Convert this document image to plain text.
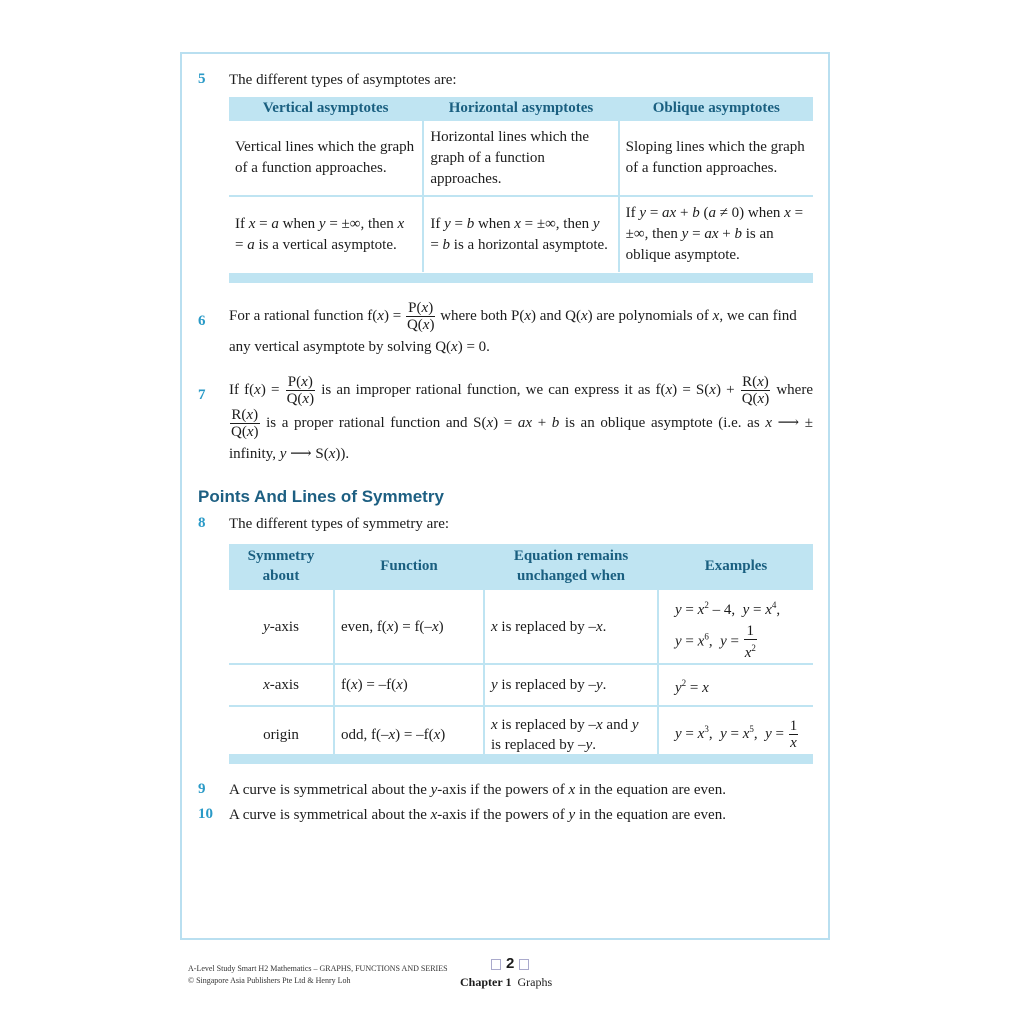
5 The different types of asymptotes are:
Vertical asymptotes	Horizontal asymptotes	Oblique asymptotes
Vertical lines which the graph of a function approaches.	Horizontal lines which the graph of a function approaches.	Sloping lines which the graph of a function approaches.
If x = a when y = ±∞, then x = a is a vertical asymptote.	If y = b when x = ±∞, then y = b is a horizontal asymptote.	If y = ax + b (a ≠ 0) when x = ±∞, then y = ax + b is an oblique asymptote.
6 For a rational function $f(x) = \frac{P(x)}{Q(x)}$ where both P(x) and Q(x) are polynomials of x, we can find any vertical asymptote by solving Q(x) = 0.
7 If $f(x) = \frac{P(x)}{Q(x)}$ is an improper rational function, we can express it as $f(x) = S(x) + \frac{R(x)}{Q(x)}$ where
$\frac{R(x)}{Q(x)}$ is a proper rational function and S(x) = ax + b is an oblique asymptote (i.e. as x ⟶ ± infinity, y ⟶ S(x)).
Points And Lines of Symmetry
8 The different types of symmetry are:
Symmetry about	Function	Equation remains unchanged when	Examples
y-axis	even, f(x) = f(–x)	x is replaced by –x.	$y = x^2 - 4$,  $y = x^4$,
$y = x^6$,  $y = \frac{1}{x^2}$

x-axis	f(x) = –f(x)	y is replaced by –y.	$y^2 = x$
origin	odd, f(–x) = –f(x)	x is replaced by –x and y is replaced by –y.	$y = x^3$,  $y = x^5$,  $y = \frac{1}{x}$
9 A curve is symmetrical about the y-axis if the powers of x in the equation are even.
10 A curve is symmetrical about the x-axis if the powers of y in the equation are even.
A-Level Study Smart H2 Mathematics – GRAPHS, FUNCTIONS AND SERIES
© Singapore Asia Publishers Pte Ltd & Henry Loh
2
Chapter 1 Graphs
